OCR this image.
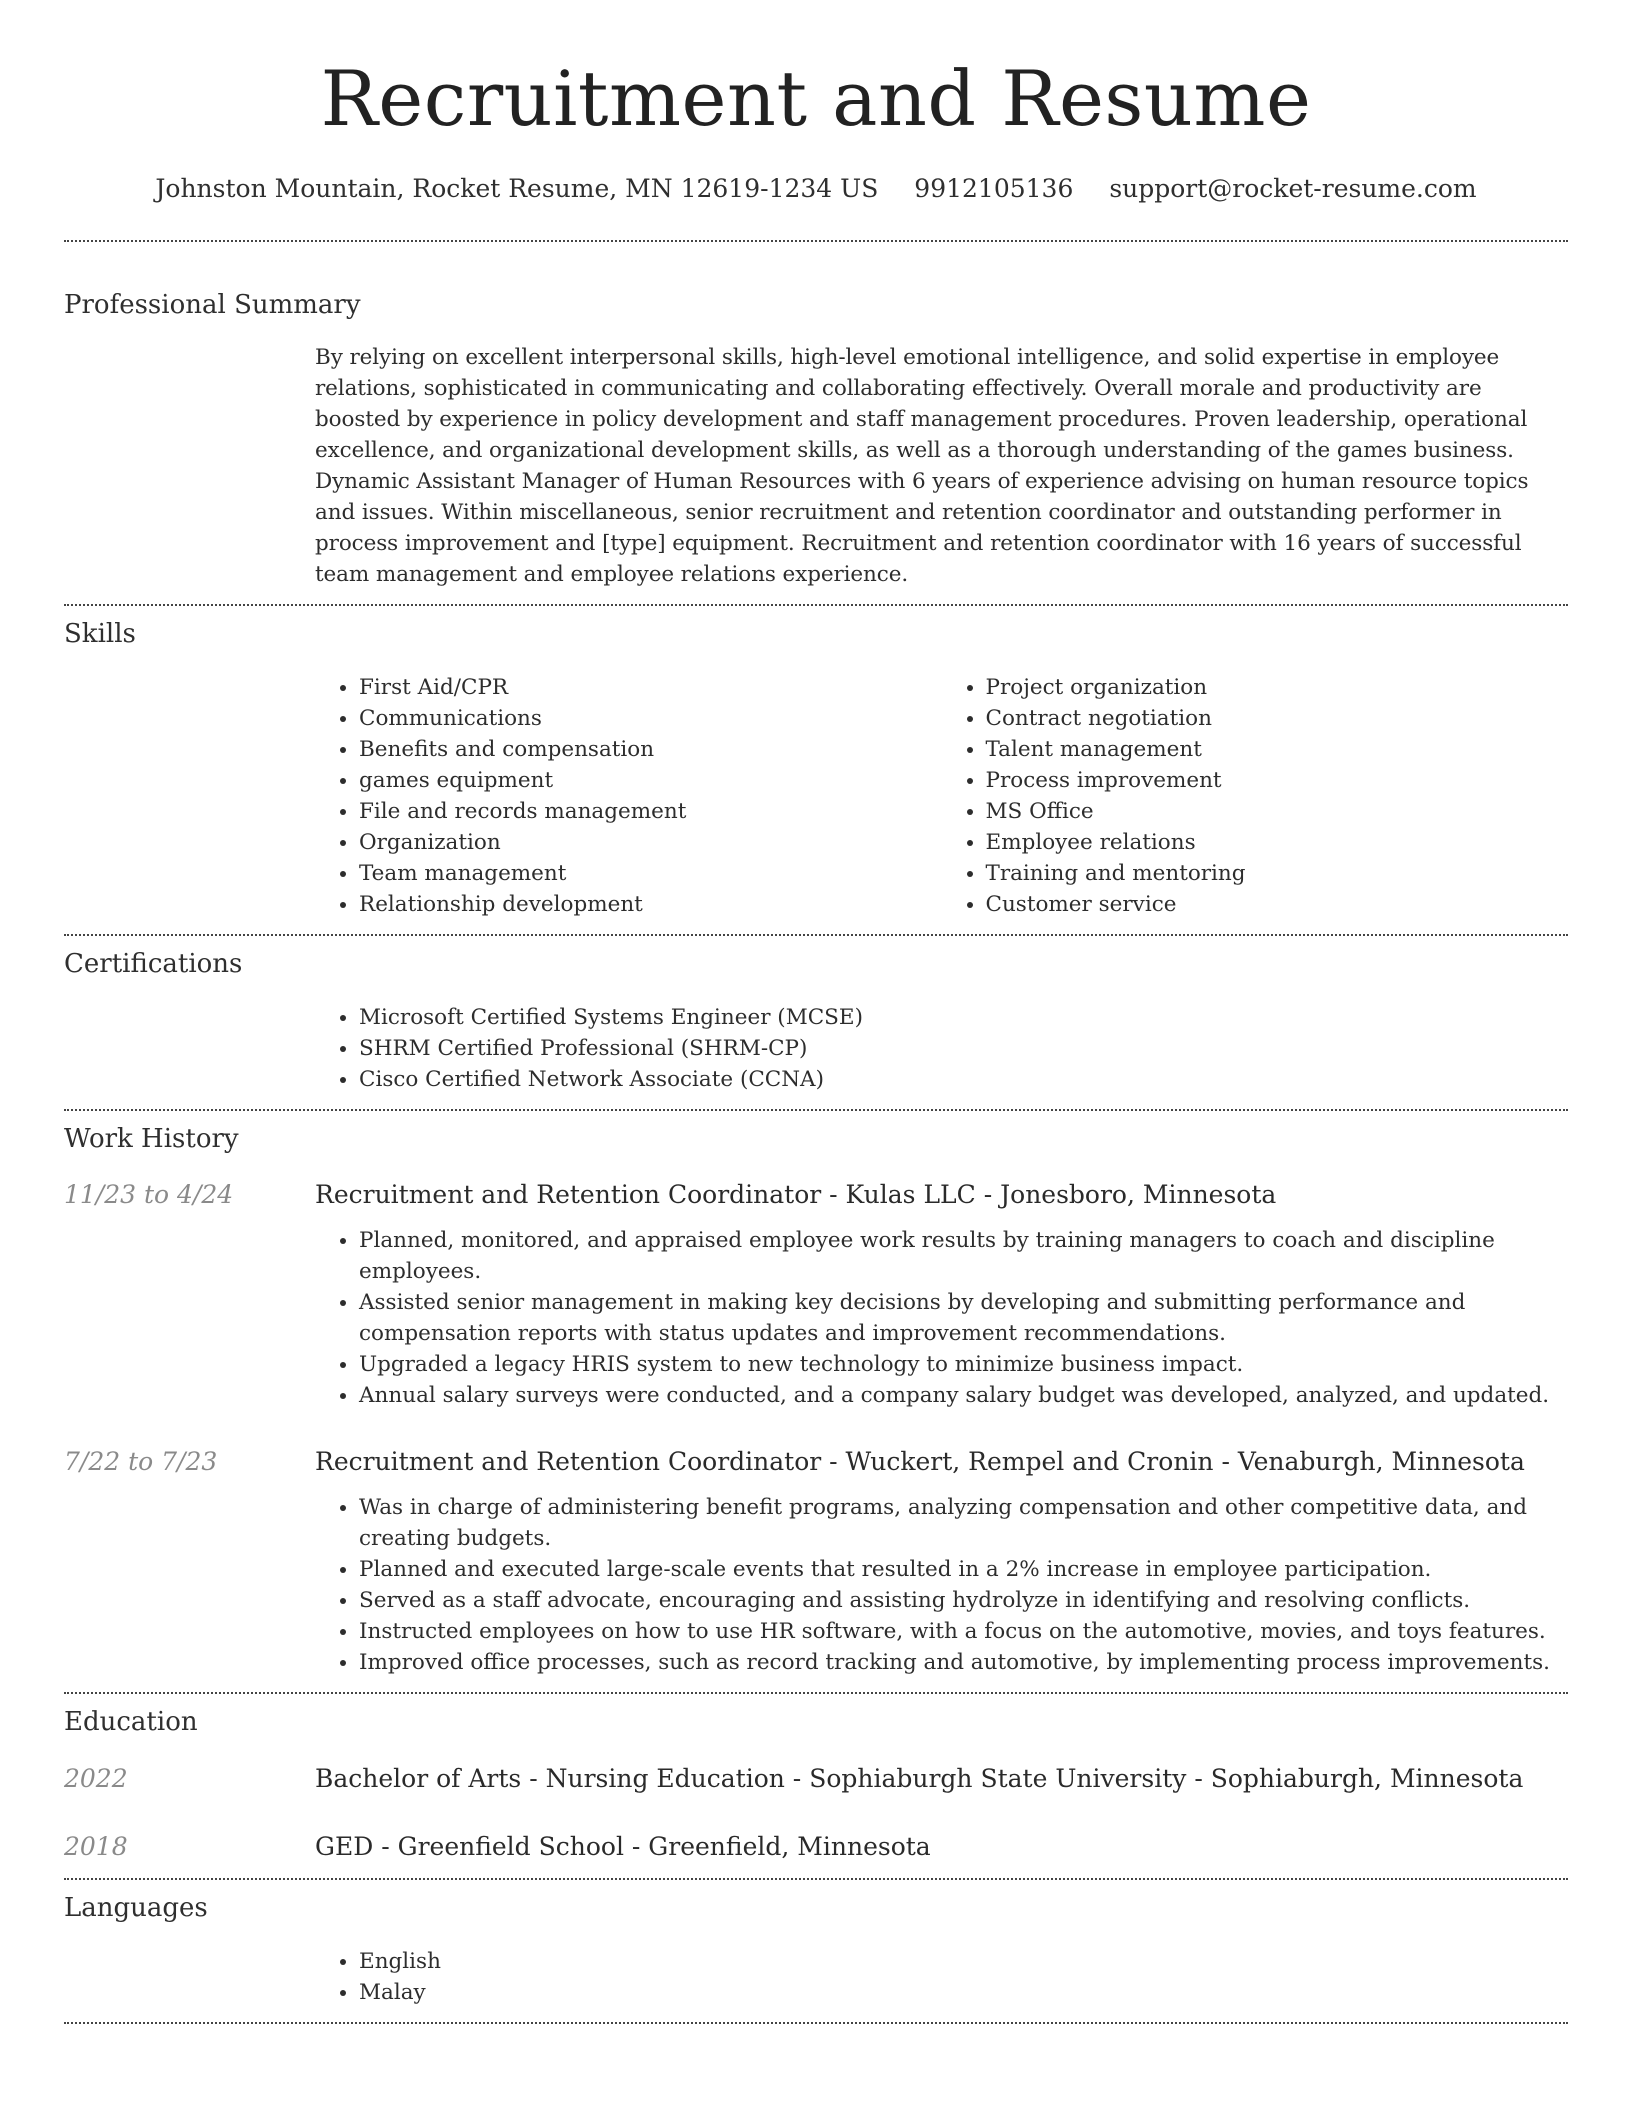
Recruitment and Resume
Johnston Mountain, Rocket Resume, MN 12619-1234 US 9912105136 support@rocket-resume.com
Professional Summary

By relying on excellent interpersonal skills, high-level emotional intelligence, and solid expertise in employee relations, sophisticated in communicating and collaborating effectively. Overall morale and productivity are boosted by experience in policy development and staff management procedures. Proven leadership, operational excellence, and organizational development skills, as well as a thorough understanding of the games business. Dynamic Assistant Manager of Human Resources with 6 years of experience advising on human resource topics and issues. Within miscellaneous, senior recruitment and retention coordinator and outstanding performer in process improvement and [type] equipment. Recruitment and retention coordinator with 16 years of successful team management and employee relations experience.

Skills
• First Aid/CPR
• Communications
• Benefits and compensation
• games equipment
• File and records management
• Organization
• Team management
• Relationship development
• Project organization
• Contract negotiation
• Talent management
• Process improvement
• MS Office
• Employee relations
• Training and mentoring
• Customer service
Certifications
• Microsoft Certified Systems Engineer (MCSE)
• SHRM Certified Professional (SHRM-CP)
• Cisco Certified Network Associate (CCNA)
Work History
11/23 to 4/24	Recruitment and Retention Coordinator - Kulas LLC - Jonesboro, Minnesota
• Planned, monitored, and appraised employee work results by training managers to coach and discipline employees.
• Assisted senior management in making key decisions by developing and submitting performance and compensation reports with status updates and improvement recommendations.
• Upgraded a legacy HRIS system to new technology to minimize business impact.
• Annual salary surveys were conducted, and a company salary budget was developed, analyzed, and updated.
7/22 to 7/23	Recruitment and Retention Coordinator - Wuckert, Rempel and Cronin - Venaburgh, Minnesota
• Was in charge of administering benefit programs, analyzing compensation and other competitive data, and creating budgets.
• Planned and executed large-scale events that resulted in a 2% increase in employee participation.
• Served as a staff advocate, encouraging and assisting hydrolyze in identifying and resolving conflicts.
• Instructed employees on how to use HR software, with a focus on the automotive, movies, and toys features.
• Improved office processes, such as record tracking and automotive, by implementing process improvements.
Education
2022	Bachelor of Arts - Nursing Education - Sophiaburgh State University - Sophiaburgh, Minnesota
2018	GED - Greenfield School - Greenfield, Minnesota
Languages
• English
• Malay
